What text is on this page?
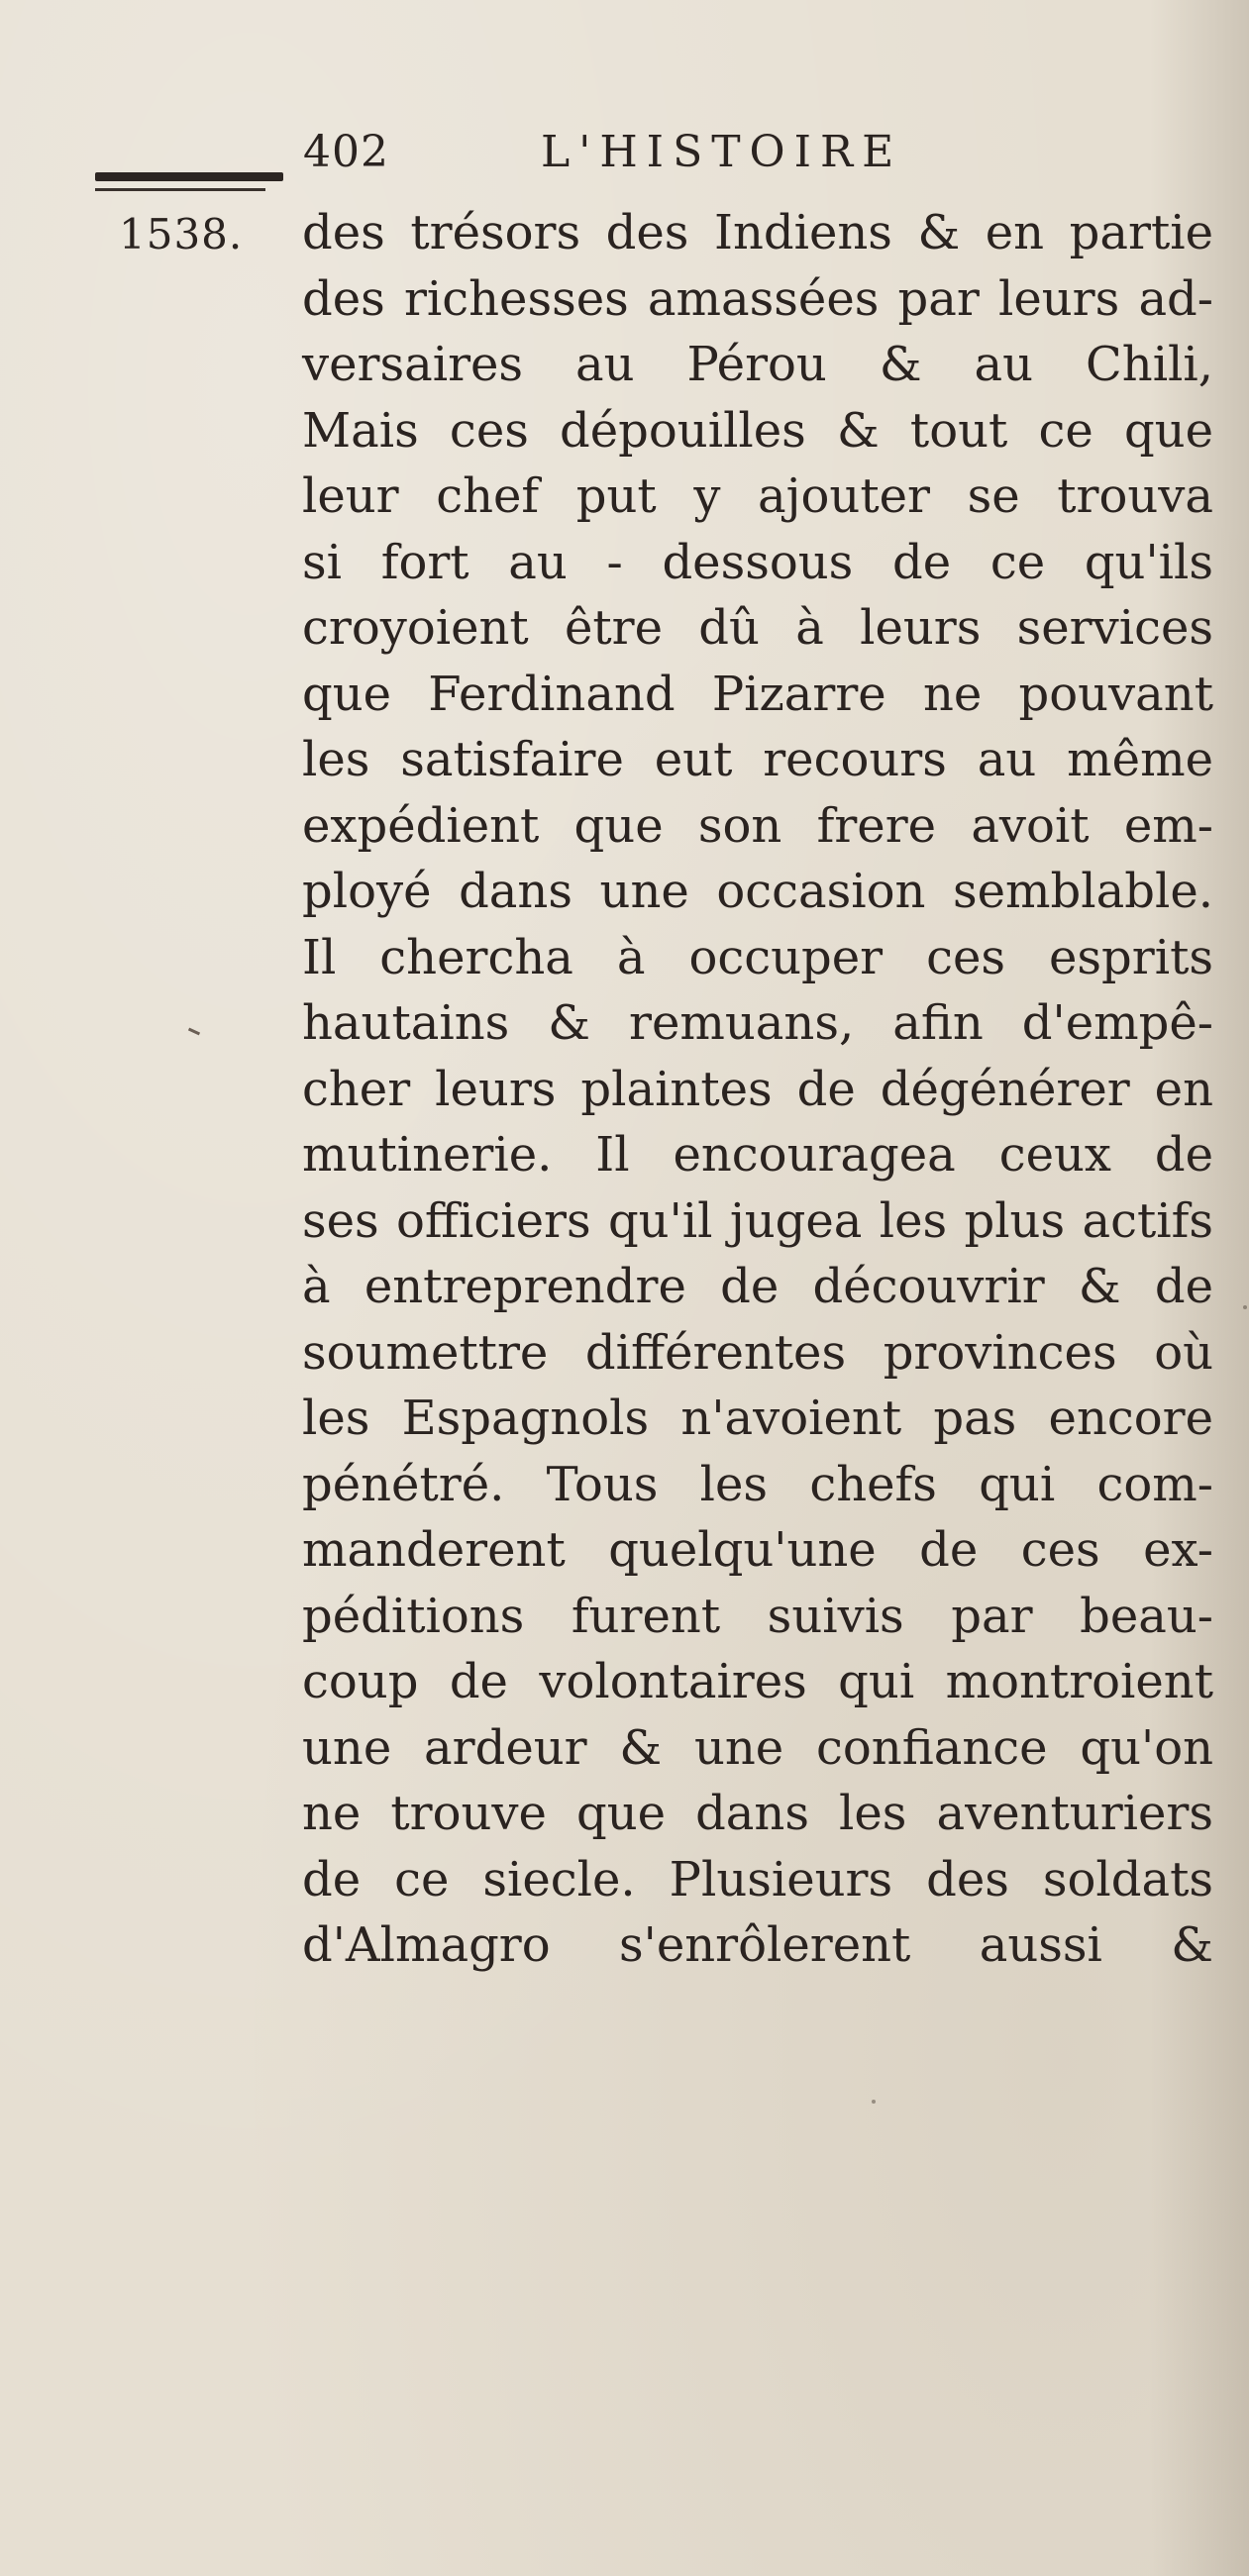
402	L'HISTOIRE
1538. des trésors des Indiens & en partie
des richesses amassées par leurs ad-
versaires au Pérou & au Chili,
Mais ces dépouilles & tout ce que
leur chef put y ajouter se trouva
si fort au - dessous de ce qu'ils
croyoient être dû à leurs services
que Ferdinand Pizarre ne pouvant
les satisfaire eut recours au même
expédient que son frere avoit em-
ployé dans une occasion semblable.
Il chercha à occuper ces esprits
hautains & remuans, afin d'empê-
cher leurs plaintes de dégénérer en
mutinerie. Il encouragea ceux de
ses officiers qu'il jugea les plus actifs
à entreprendre de découvrir & de
soumettre différentes provinces où
les Espagnols n'avoient pas encore
pénétré. Tous les chefs qui com-
manderent quelqu'une de ces ex-
péditions furent suivis par beau-
coup de volontaires qui montroient
une ardeur & une confiance qu'on
ne trouve que dans les aventuriers
de ce siecle. Plusieurs des soldats
d'Almagro s'enrôlerent aussi &
